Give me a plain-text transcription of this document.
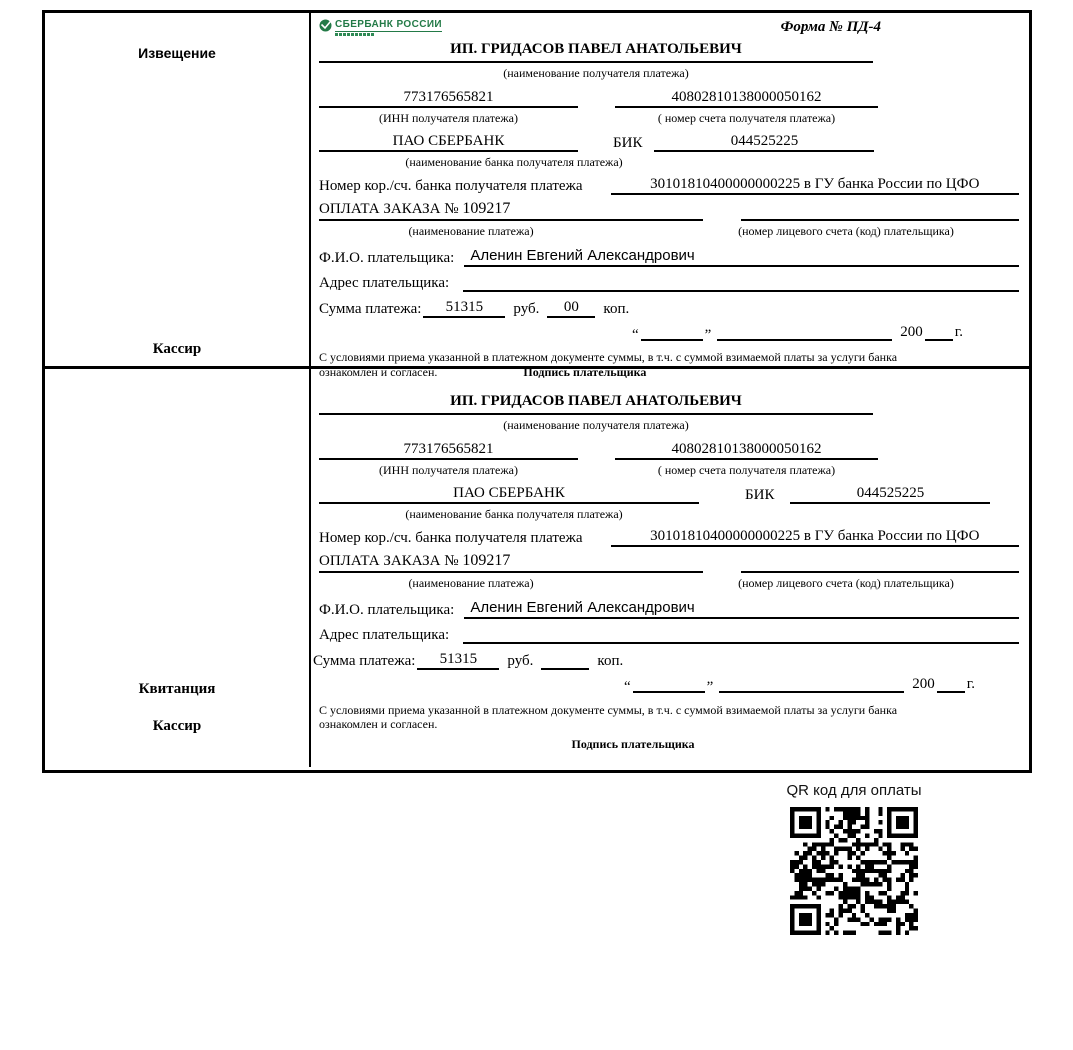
Извещение
Кассир
СБЕРБАНК РОССИИ	Форма № ПД-4
ИП. ГРИДАСОВ ПАВЕЛ АНАТОЛЬЕВИЧ
(наименование получателя платежа)
773176565821	40802810138000050162
(ИНН получателя платежа)	( номер счета получателя платежа)
ПАО СБЕРБАНК	БИК	044525225
(наименование банка получателя платежа)
Номер кор./сч. банка получателя платежа	30101810400000000225 в ГУ банка России по ЦФО
ОПЛАТА ЗАКАЗА № 109217
(наименование платежа)	(номер лицевого счета (код) плательщика)
Ф.И.О. плательщика:	Аленин Евгений Александрович
Адрес плательщика:
Сумма платежа:	51315	руб.	00	коп.
“	”	200 г.
С условиями приема указанной в платежном документе суммы, в т.ч. с суммой взимаемой платы за услуги банка
ознакомлен и согласен.	Подпись плательщика
Квитанция
Кассир
ИП. ГРИДАСОВ ПАВЕЛ АНАТОЛЬЕВИЧ
(наименование получателя платежа)
773176565821	40802810138000050162
(ИНН получателя платежа)	( номер счета получателя платежа)
ПАО СБЕРБАНК	БИК	044525225
(наименование банка получателя платежа)
Номер кор./сч. банка получателя платежа	30101810400000000225 в ГУ банка России по ЦФО
ОПЛАТА ЗАКАЗА № 109217
(наименование платежа)	(номер лицевого счета (код) плательщика)
Ф.И.О. плательщика:	Аленин Евгений Александрович
Адрес плательщика:
Сумма платежа:	51315	руб.	коп.
“	”	200 г.
С условиями приема указанной в платежном документе суммы, в т.ч. с суммой взимаемой платы за услуги банка
ознакомлен и согласен.
Подпись плательщика
QR код для оплаты
